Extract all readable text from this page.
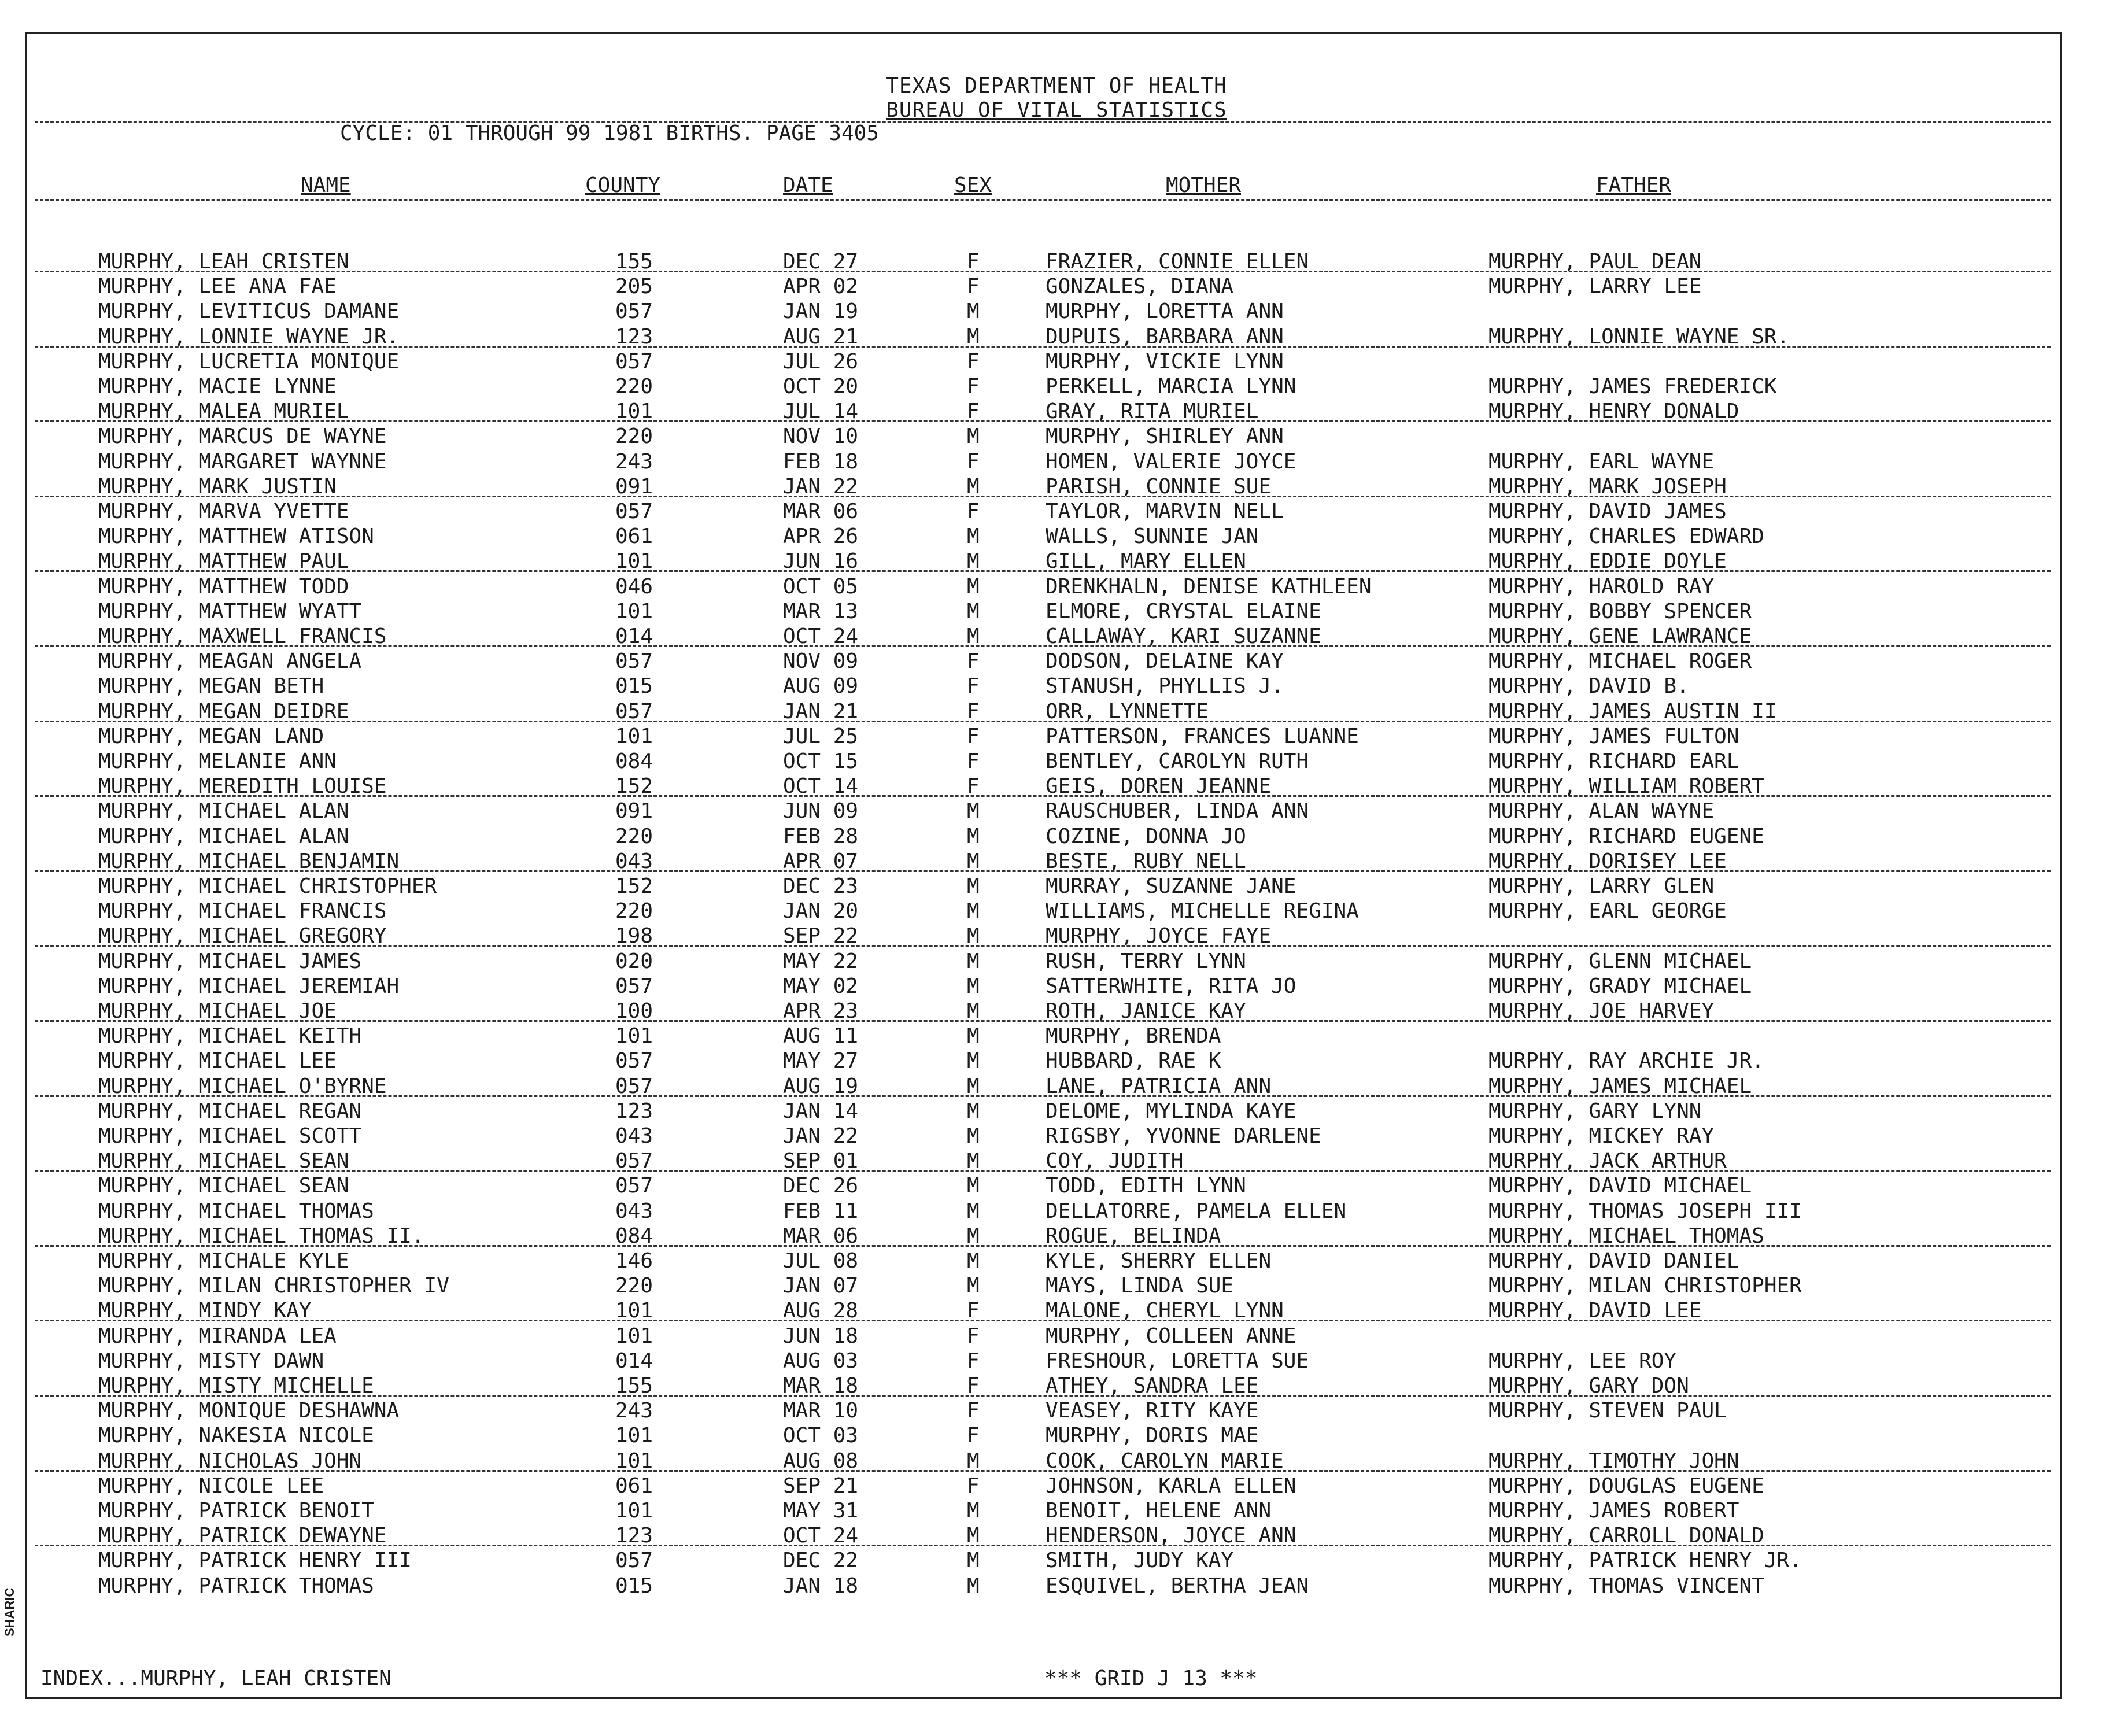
TEXAS DEPARTMENT OF HEALTH
BUREAU OF VITAL STATISTICS
CYCLE: 01 THROUGH 99 1981 BIRTHS. PAGE 3405
NAME	COUNTY	DATE	SEX	MOTHER	FATHER
MURPHY, LEAH CRISTEN	155	DEC 27	F	FRAZIER, CONNIE ELLEN	MURPHY, PAUL DEAN
MURPHY, LEE ANA FAE	205	APR 02	F	GONZALES, DIANA	MURPHY, LARRY LEE
MURPHY, LEVITICUS DAMANE	057	JAN 19	M	MURPHY, LORETTA ANN
MURPHY, LONNIE WAYNE JR.	123	AUG 21	M	DUPUIS, BARBARA ANN	MURPHY, LONNIE WAYNE SR.
MURPHY, LUCRETIA MONIQUE	057	JUL 26	F	MURPHY, VICKIE LYNN
MURPHY, MACIE LYNNE	220	OCT 20	F	PERKELL, MARCIA LYNN	MURPHY, JAMES FREDERICK
MURPHY, MALEA MURIEL	101	JUL 14	F	GRAY, RITA MURIEL	MURPHY, HENRY DONALD
MURPHY, MARCUS DE WAYNE	220	NOV 10	M	MURPHY, SHIRLEY ANN
MURPHY, MARGARET WAYNNE	243	FEB 18	F	HOMEN, VALERIE JOYCE	MURPHY, EARL WAYNE
MURPHY, MARK JUSTIN	091	JAN 22	M	PARISH, CONNIE SUE	MURPHY, MARK JOSEPH
MURPHY, MARVA YVETTE	057	MAR 06	F	TAYLOR, MARVIN NELL	MURPHY, DAVID JAMES
MURPHY, MATTHEW ATISON	061	APR 26	M	WALLS, SUNNIE JAN	MURPHY, CHARLES EDWARD
MURPHY, MATTHEW PAUL	101	JUN 16	M	GILL, MARY ELLEN	MURPHY, EDDIE DOYLE
MURPHY, MATTHEW TODD	046	OCT 05	M	DRENKHALN, DENISE KATHLEEN	MURPHY, HAROLD RAY
MURPHY, MATTHEW WYATT	101	MAR 13	M	ELMORE, CRYSTAL ELAINE	MURPHY, BOBBY SPENCER
MURPHY, MAXWELL FRANCIS	014	OCT 24	M	CALLAWAY, KARI SUZANNE	MURPHY, GENE LAWRANCE
MURPHY, MEAGAN ANGELA	057	NOV 09	F	DODSON, DELAINE KAY	MURPHY, MICHAEL ROGER
MURPHY, MEGAN BETH	015	AUG 09	F	STANUSH, PHYLLIS J.	MURPHY, DAVID B.
MURPHY, MEGAN DEIDRE	057	JAN 21	F	ORR, LYNNETTE	MURPHY, JAMES AUSTIN II
MURPHY, MEGAN LAND	101	JUL 25	F	PATTERSON, FRANCES LUANNE	MURPHY, JAMES FULTON
MURPHY, MELANIE ANN	084	OCT 15	F	BENTLEY, CAROLYN RUTH	MURPHY, RICHARD EARL
MURPHY, MEREDITH LOUISE	152	OCT 14	F	GEIS, DOREN JEANNE	MURPHY, WILLIAM ROBERT
MURPHY, MICHAEL ALAN	091	JUN 09	M	RAUSCHUBER, LINDA ANN	MURPHY, ALAN WAYNE
MURPHY, MICHAEL ALAN	220	FEB 28	M	COZINE, DONNA JO	MURPHY, RICHARD EUGENE
MURPHY, MICHAEL BENJAMIN	043	APR 07	M	BESTE, RUBY NELL	MURPHY, DORISEY LEE
MURPHY, MICHAEL CHRISTOPHER	152	DEC 23	M	MURRAY, SUZANNE JANE	MURPHY, LARRY GLEN
MURPHY, MICHAEL FRANCIS	220	JAN 20	M	WILLIAMS, MICHELLE REGINA	MURPHY, EARL GEORGE
MURPHY, MICHAEL GREGORY	198	SEP 22	M	MURPHY, JOYCE FAYE
MURPHY, MICHAEL JAMES	020	MAY 22	M	RUSH, TERRY LYNN	MURPHY, GLENN MICHAEL
MURPHY, MICHAEL JEREMIAH	057	MAY 02	M	SATTERWHITE, RITA JO	MURPHY, GRADY MICHAEL
MURPHY, MICHAEL JOE	100	APR 23	M	ROTH, JANICE KAY	MURPHY, JOE HARVEY
MURPHY, MICHAEL KEITH	101	AUG 11	M	MURPHY, BRENDA
MURPHY, MICHAEL LEE	057	MAY 27	M	HUBBARD, RAE K	MURPHY, RAY ARCHIE JR.
MURPHY, MICHAEL O'BYRNE	057	AUG 19	M	LANE, PATRICIA ANN	MURPHY, JAMES MICHAEL
MURPHY, MICHAEL REGAN	123	JAN 14	M	DELOME, MYLINDA KAYE	MURPHY, GARY LYNN
MURPHY, MICHAEL SCOTT	043	JAN 22	M	RIGSBY, YVONNE DARLENE	MURPHY, MICKEY RAY
MURPHY, MICHAEL SEAN	057	SEP 01	M	COY, JUDITH	MURPHY, JACK ARTHUR
MURPHY, MICHAEL SEAN	057	DEC 26	M	TODD, EDITH LYNN	MURPHY, DAVID MICHAEL
MURPHY, MICHAEL THOMAS	043	FEB 11	M	DELLATORRE, PAMELA ELLEN	MURPHY, THOMAS JOSEPH III
MURPHY, MICHAEL THOMAS II.	084	MAR 06	M	ROGUE, BELINDA	MURPHY, MICHAEL THOMAS
MURPHY, MICHALE KYLE	146	JUL 08	M	KYLE, SHERRY ELLEN	MURPHY, DAVID DANIEL
MURPHY, MILAN CHRISTOPHER IV	220	JAN 07	M	MAYS, LINDA SUE	MURPHY, MILAN CHRISTOPHER
MURPHY, MINDY KAY	101	AUG 28	F	MALONE, CHERYL LYNN	MURPHY, DAVID LEE
MURPHY, MIRANDA LEA	101	JUN 18	F	MURPHY, COLLEEN ANNE
MURPHY, MISTY DAWN	014	AUG 03	F	FRESHOUR, LORETTA SUE	MURPHY, LEE ROY
MURPHY, MISTY MICHELLE	155	MAR 18	F	ATHEY, SANDRA LEE	MURPHY, GARY DON
MURPHY, MONIQUE DESHAWNA	243	MAR 10	F	VEASEY, RITY KAYE	MURPHY, STEVEN PAUL
MURPHY, NAKESIA NICOLE	101	OCT 03	F	MURPHY, DORIS MAE
MURPHY, NICHOLAS JOHN	101	AUG 08	M	COOK, CAROLYN MARIE	MURPHY, TIMOTHY JOHN
MURPHY, NICOLE LEE	061	SEP 21	F	JOHNSON, KARLA ELLEN	MURPHY, DOUGLAS EUGENE
MURPHY, PATRICK BENOIT	101	MAY 31	M	BENOIT, HELENE ANN	MURPHY, JAMES ROBERT
MURPHY, PATRICK DEWAYNE	123	OCT 24	M	HENDERSON, JOYCE ANN	MURPHY, CARROLL DONALD
MURPHY, PATRICK HENRY III	057	DEC 22	M	SMITH, JUDY KAY	MURPHY, PATRICK HENRY JR.
MURPHY, PATRICK THOMAS	015	JAN 18	M	ESQUIVEL, BERTHA JEAN	MURPHY, THOMAS VINCENT
INDEX...MURPHY, LEAH CRISTEN	*** GRID J 13 ***
SHARIC
